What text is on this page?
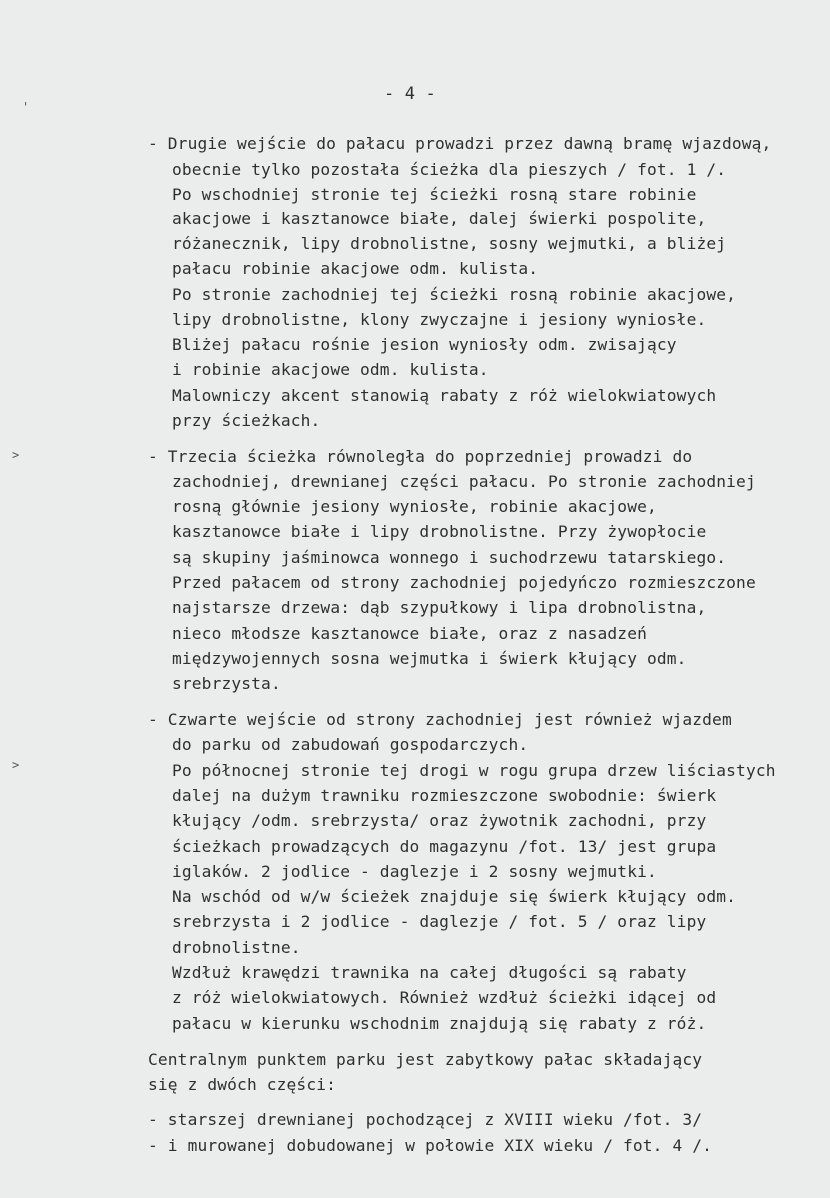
'
>
>
- 4 -
- Drugie wejście do pałacu prowadzi przez dawną bramę wjazdową,
obecnie tylko pozostała ścieżka dla pieszych / fot. 1 /.
Po wschodniej stronie tej ścieżki rosną stare robinie
akacjowe i kasztanowce białe, dalej świerki pospolite,
różanecznik, lipy drobnolistne, sosny wejmutki, a bliżej
pałacu robinie akacjowe odm. kulista.
Po stronie zachodniej tej ścieżki rosną robinie akacjowe,
lipy drobnolistne, klony zwyczajne i jesiony wyniosłe.
Bliżej pałacu rośnie jesion wyniosły odm. zwisający
i robinie akacjowe odm. kulista.
Malowniczy akcent stanowią rabaty z róż wielokwiatowych
przy ścieżkach.
- Trzecia ścieżka równoległa do poprzedniej prowadzi do
zachodniej, drewnianej części pałacu. Po stronie zachodniej
rosną głównie jesiony wyniosłe, robinie akacjowe,
kasztanowce białe i lipy drobnolistne. Przy żywopłocie
są skupiny jaśminowca wonnego i suchodrzewu tatarskiego.
Przed pałacem od strony zachodniej pojedyńczo rozmieszczone
najstarsze drzewa: dąb szypułkowy i lipa drobnolistna,
nieco młodsze kasztanowce białe, oraz z nasadzeń
międzywojennych sosna wejmutka i świerk kłujący odm.
srebrzysta.
- Czwarte wejście od strony zachodniej jest również wjazdem
do parku od zabudowań gospodarczych.
Po północnej stronie tej drogi w rogu grupa drzew liściastych
dalej na dużym trawniku rozmieszczone swobodnie: świerk
kłujący /odm. srebrzysta/ oraz żywotnik zachodni, przy
ścieżkach prowadzących do magazynu /fot. 13/ jest grupa
iglaków. 2 jodlice - daglezje i 2 sosny wejmutki.
Na wschód od w/w ścieżek znajduje się świerk kłujący odm.
srebrzysta i 2 jodlice - daglezje / fot. 5 / oraz lipy
drobnolistne.
Wzdłuż krawędzi trawnika na całej długości są rabaty
z róż wielokwiatowych. Również wzdłuż ścieżki idącej od
pałacu w kierunku wschodnim znajdują się rabaty z róż.
Centralnym punktem parku jest zabytkowy pałac składający
się z dwóch części:
- starszej drewnianej pochodzącej z XVIII wieku /fot. 3/
- i murowanej dobudowanej w połowie XIX wieku / fot. 4 /.
